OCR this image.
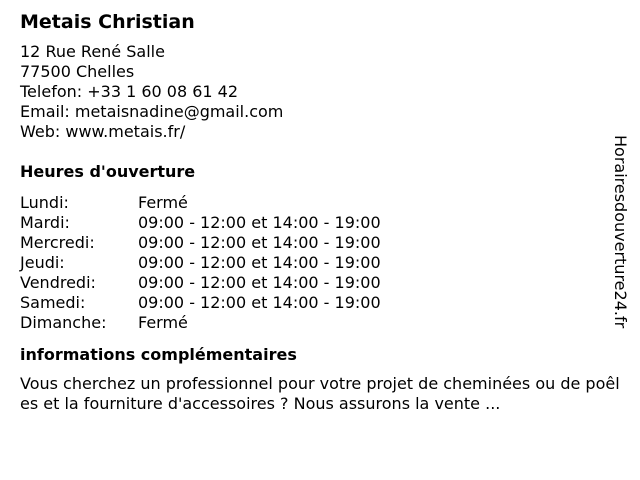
Metais Christian
12 Rue René Salle
77500 Chelles
Telefon: +33 1 60 08 61 42
Email: metaisnadine@gmail.com
Web: www.metais.fr/
Heures d'ouverture
Lundi:	Fermé
Mardi:	09:00 - 12:00 et 14:00 - 19:00
Mercredi:	09:00 - 12:00 et 14:00 - 19:00
Jeudi:	09:00 - 12:00 et 14:00 - 19:00
Vendredi:	09:00 - 12:00 et 14:00 - 19:00
Samedi:	09:00 - 12:00 et 14:00 - 19:00
Dimanche:	Fermé
informations complémentaires
Vous cherchez un professionnel pour votre projet de cheminées ou de poêles et la fourniture d'accessoires ? Nous assurons la vente ...
Horairesdouverture24.fr
